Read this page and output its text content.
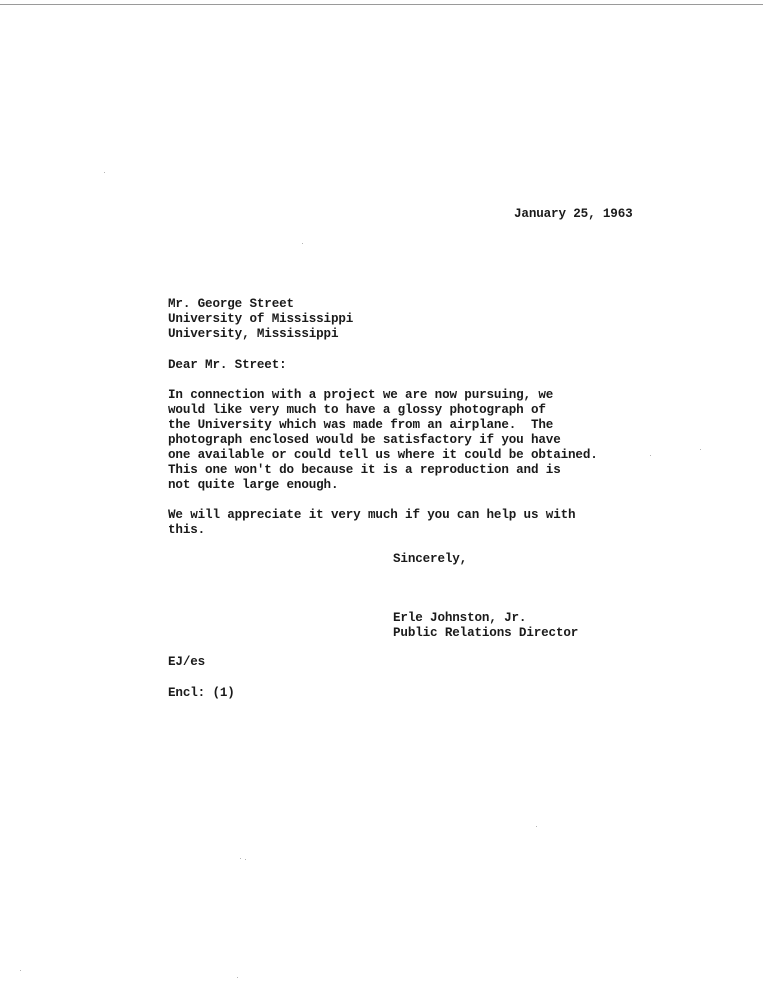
January 25, 1963
Mr. George Street
University of Mississippi
University, Mississippi
Dear Mr. Street:
In connection with a project we are now pursuing, we
would like very much to have a glossy photograph of
the University which was made from an airplane.  The
photograph enclosed would be satisfactory if you have
one available or could tell us where it could be obtained.
This one won't do because it is a reproduction and is
not quite large enough.
We will appreciate it very much if you can help us with
this.
Sincerely,
Erle Johnston, Jr.
Public Relations Director
EJ/es
Encl: (1)
